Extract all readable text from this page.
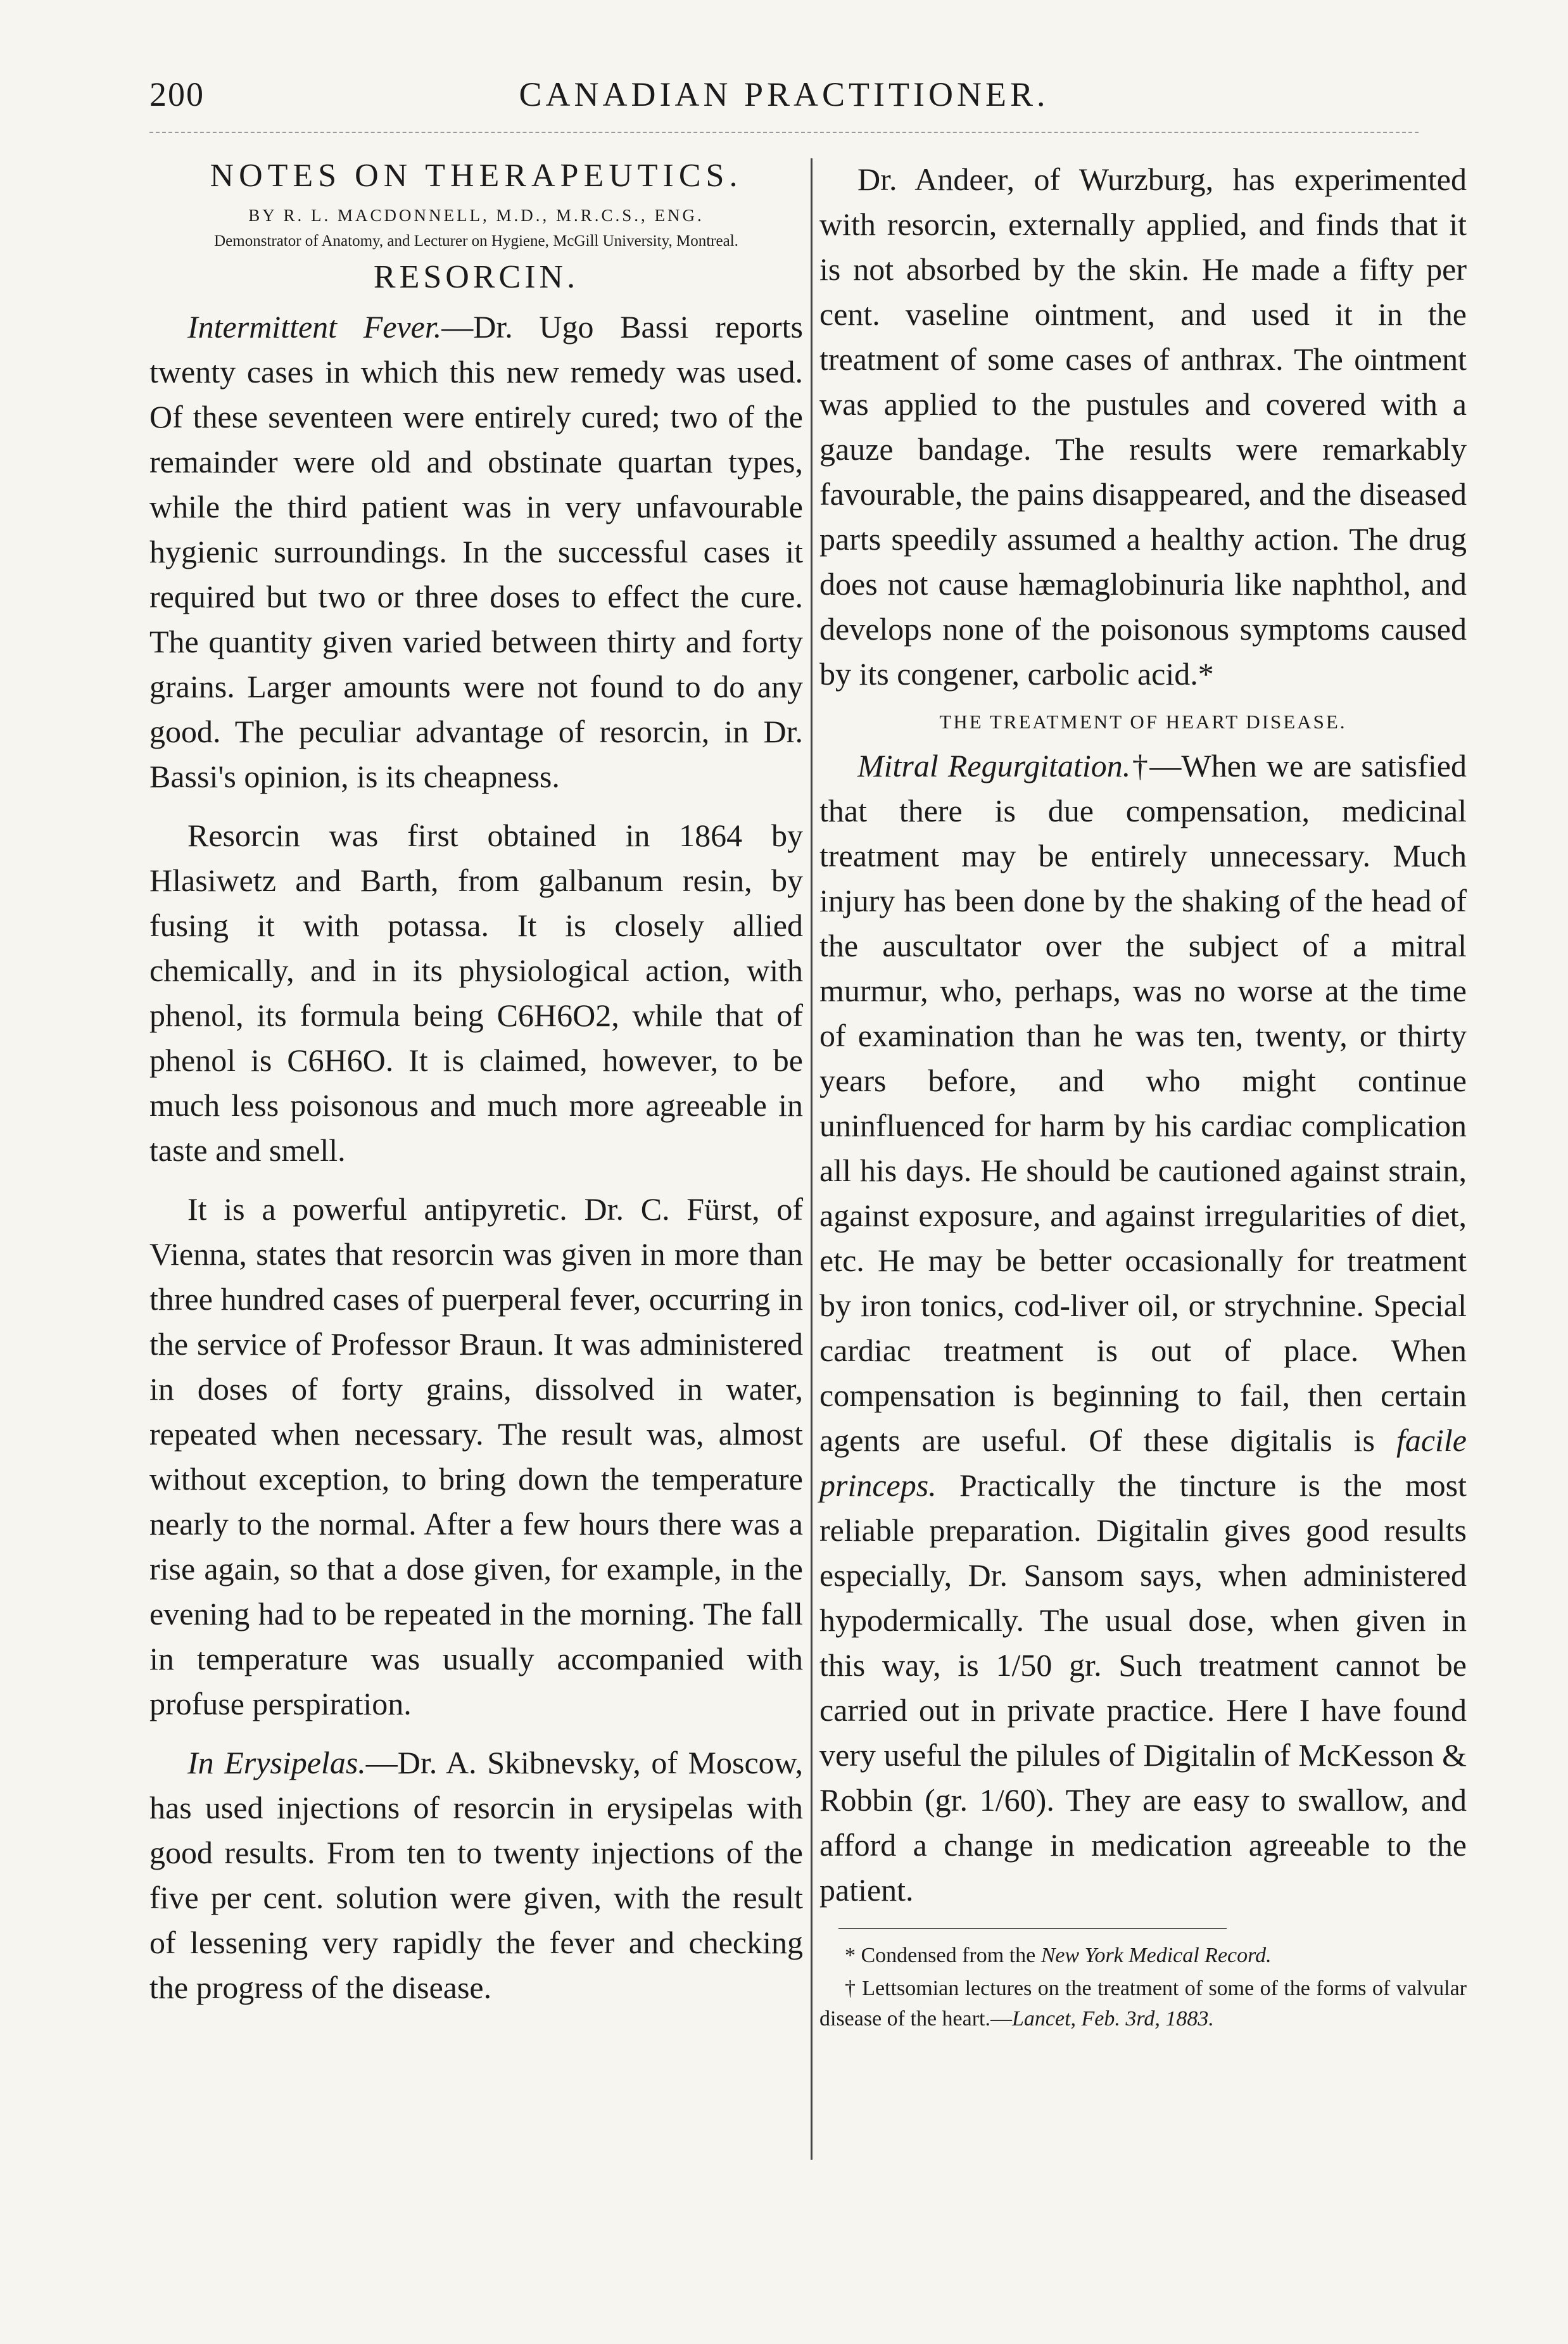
200	CANADIAN PRACTITIONER.
NOTES ON THERAPEUTICS.
BY R. L. MACDONNELL, M.D., M.R.C.S., ENG.
Demonstrator of Anatomy, and Lecturer on Hygiene, McGill University, Montreal.
RESORCIN.

Intermittent Fever.—Dr. Ugo Bassi reports twenty cases in which this new remedy was used. Of these seventeen were entirely cured; two of the remainder were old and obstinate quartan types, while the third patient was in very unfavourable hygienic surroundings. In the successful cases it required but two or three doses to effect the cure. The quantity given varied between thirty and forty grains. Larger amounts were not found to do any good. The peculiar advantage of resorcin, in Dr. Bassi's opinion, is its cheapness.

Resorcin was first obtained in 1864 by Hlasiwetz and Barth, from galbanum resin, by fusing it with potassa. It is closely allied chemically, and in its physiological action, with phenol, its formula being C6H6O2, while that of phenol is C6H6O. It is claimed, however, to be much less poisonous and much more agreeable in taste and smell.

It is a powerful antipyretic. Dr. C. Fürst, of Vienna, states that resorcin was given in more than three hundred cases of puerperal fever, occurring in the service of Professor Braun. It was administered in doses of forty grains, dissolved in water, repeated when necessary. The result was, almost without exception, to bring down the temperature nearly to the normal. After a few hours there was a rise again, so that a dose given, for example, in the evening had to be repeated in the morning. The fall in temperature was usually accompanied with profuse perspiration.

In Erysipelas.—Dr. A. Skibnevsky, of Moscow, has used injections of resorcin in erysipelas with good results. From ten to twenty injections of the five per cent. solution were given, with the result of lessening very rapidly the fever and checking the progress of the disease.

Dr. Andeer, of Wurzburg, has experimented with resorcin, externally applied, and finds that it is not absorbed by the skin. He made a fifty per cent. vaseline ointment, and used it in the treatment of some cases of anthrax. The ointment was applied to the pustules and covered with a gauze bandage. The results were remarkably favourable, the pains disappeared, and the diseased parts speedily assumed a healthy action. The drug does not cause hæmaglobinuria like naphthol, and develops none of the poisonous symptoms caused by its congener, carbolic acid.*

THE TREATMENT OF HEART DISEASE.

Mitral Regurgitation.†—When we are satisfied that there is due compensation, medicinal treatment may be entirely unnecessary. Much injury has been done by the shaking of the head of the auscultator over the subject of a mitral murmur, who, perhaps, was no worse at the time of examination than he was ten, twenty, or thirty years before, and who might continue uninfluenced for harm by his cardiac complication all his days. He should be cautioned against strain, against exposure, and against irregularities of diet, etc. He may be better occasionally for treatment by iron tonics, cod-liver oil, or strychnine. Special cardiac treatment is out of place. When compensation is beginning to fail, then certain agents are useful. Of these digitalis is facile princeps. Practically the tincture is the most reliable preparation. Digitalin gives good results especially, Dr. Sansom says, when administered hypodermically. The usual dose, when given in this way, is 1/50 gr. Such treatment cannot be carried out in private practice. Here I have found very useful the pilules of Digitalin of McKesson & Robbin (gr. 1/60). They are easy to swallow, and afford a change in medication agreeable to the patient.

* Condensed from the New York Medical Record.

† Lettsomian lectures on the treatment of some of the forms of valvular disease of the heart.—Lancet, Feb. 3rd, 1883.
